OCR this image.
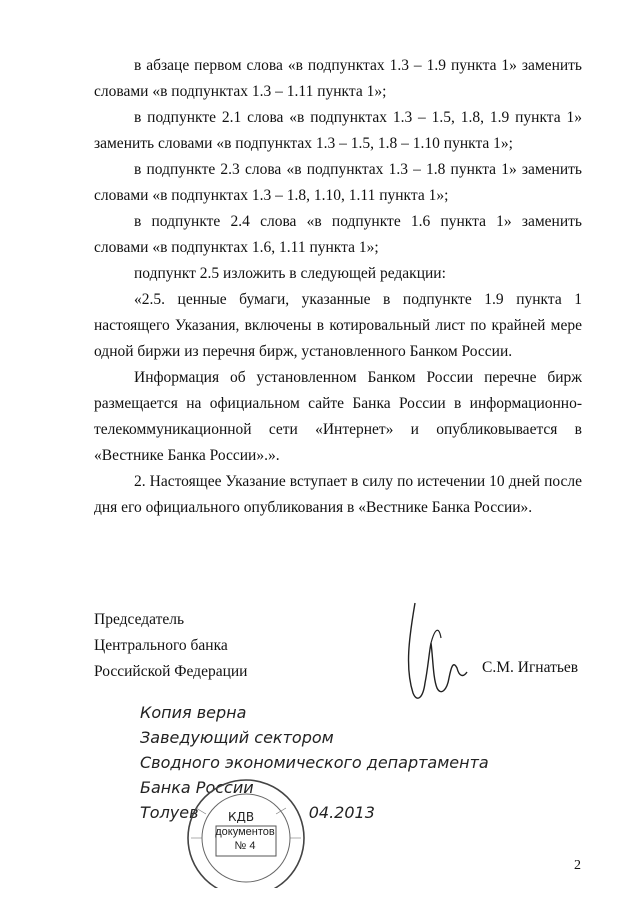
в абзаце первом слова «в подпунктах 1.3 – 1.9 пункта 1» заменить словами «в подпунктах 1.3 – 1.11 пункта 1»;

в подпункте 2.1 слова «в подпунктах 1.3 – 1.5, 1.8, 1.9 пункта 1» заменить словами «в подпунктах 1.3 – 1.5, 1.8 – 1.10 пункта 1»;

в подпункте 2.3 слова «в подпунктах 1.3 – 1.8 пункта 1» заменить словами «в подпунктах 1.3 – 1.8, 1.10, 1.11 пункта 1»;

в подпункте 2.4 слова «в подпункте 1.6 пункта 1» заменить словами «в подпунктах 1.6, 1.11 пункта 1»;

подпункт 2.5 изложить в следующей редакции:

«2.5. ценные бумаги, указанные в подпункте 1.9 пункта 1 настоящего Указания, включены в котировальный лист по крайней мере одной биржи из перечня бирж, установленного Банком России.

Информация об установленном Банком России перечне бирж размещается на официальном сайте Банка России в информационно-телекоммуникационной сети «Интернет» и опубликовывается в «Вестнике Банка России».».

2. Настоящее Указание вступает в силу по истечении 10 дней после дня его официального опубликования в «Вестнике Банка России».

Председатель
Центрального банка
Российской Федерации	С.М. Игнатьев
Копия верна
Заведующий сектором
Сводного экономического департамента
Банка России
Толуев	04.2013
КДВ
документов
№ 4
2
